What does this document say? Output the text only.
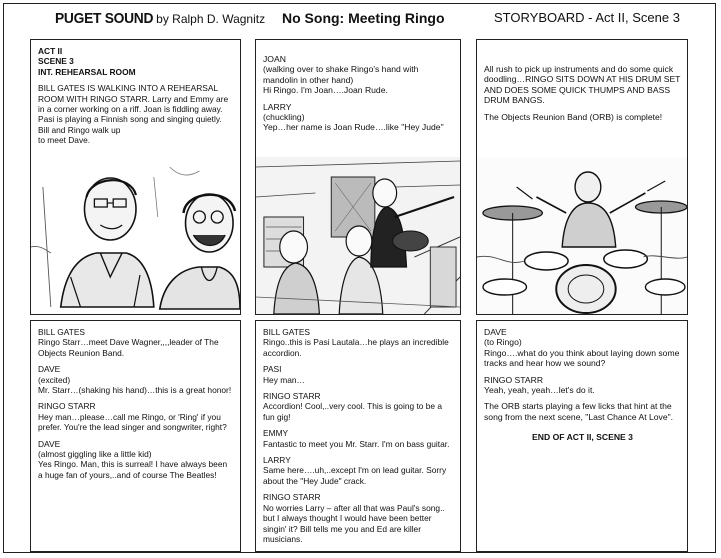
PUGET SOUND by Ralph D. Wagnitz No Song: Meeting Ringo	STORYBOARD - Act II, Scene 3

ACT II
SCENE 3
INT. REHEARSAL ROOM

BILL GATES IS WALKING INTO A REHEARSAL ROOM WITH RINGO STARR. Larry and Emmy are in a corner working on a riff. Joan is fiddling away. Pasi is playing a Finnish song and singing quietly. Bill and Ringo walk up
to meet Dave.

JOAN
(walking over to shake Ringo's hand with mandolin in other hand)
Hi Ringo. I'm Joan….Joan Rude.

LARRY
(chuckling)
Yep…her name is Joan Rude….like "Hey Jude"

All rush to pick up instruments and do some quick doodling…RINGO SITS DOWN AT HIS DRUM SET AND DOES SOME QUICK THUMPS AND BASS DRUM BANGS.

The Objects Reunion Band (ORB) is complete!

BILL GATES
Ringo Starr…meet Dave Wagner,,,,leader of The Objects Reunion Band.

DAVE
(excited)
Mr. Starr…(shaking his hand)…this is a great honor!

RINGO STARR
Hey man…please…call me Ringo, or 'Ring' if you prefer. You're the lead singer and songwriter, right?

DAVE
(almost giggling like a little kid)
Yes Ringo. Man, this is surreal! I have always been a huge fan of yours,..and of course The Beatles!

BILL GATES
Ringo..this is Pasi Lautala…he plays an incredible accordion.

PASI
Hey man…

RINGO STARR
Accordion! Cool,..very cool. This is going to be a fun gig!

EMMY
Fantastic to meet you Mr. Starr. I'm on bass guitar.

LARRY
Same here….uh,..except I'm on lead guitar. Sorry about the "Hey Jude" crack.

RINGO STARR
No worries Larry – after all that was Paul's song.. but I always thought I would have been better singin' it? Bill tells me you and Ed are killer musicians.

DAVE
(to Ringo)
Ringo….what do you think about laying down some tracks and hear how we sound?

RINGO STARR
Yeah, yeah, yeah…let's do it.

The ORB starts playing a few licks that hint at the song from the next scene, "Last Chance At Love".

END OF ACT II, SCENE 3
